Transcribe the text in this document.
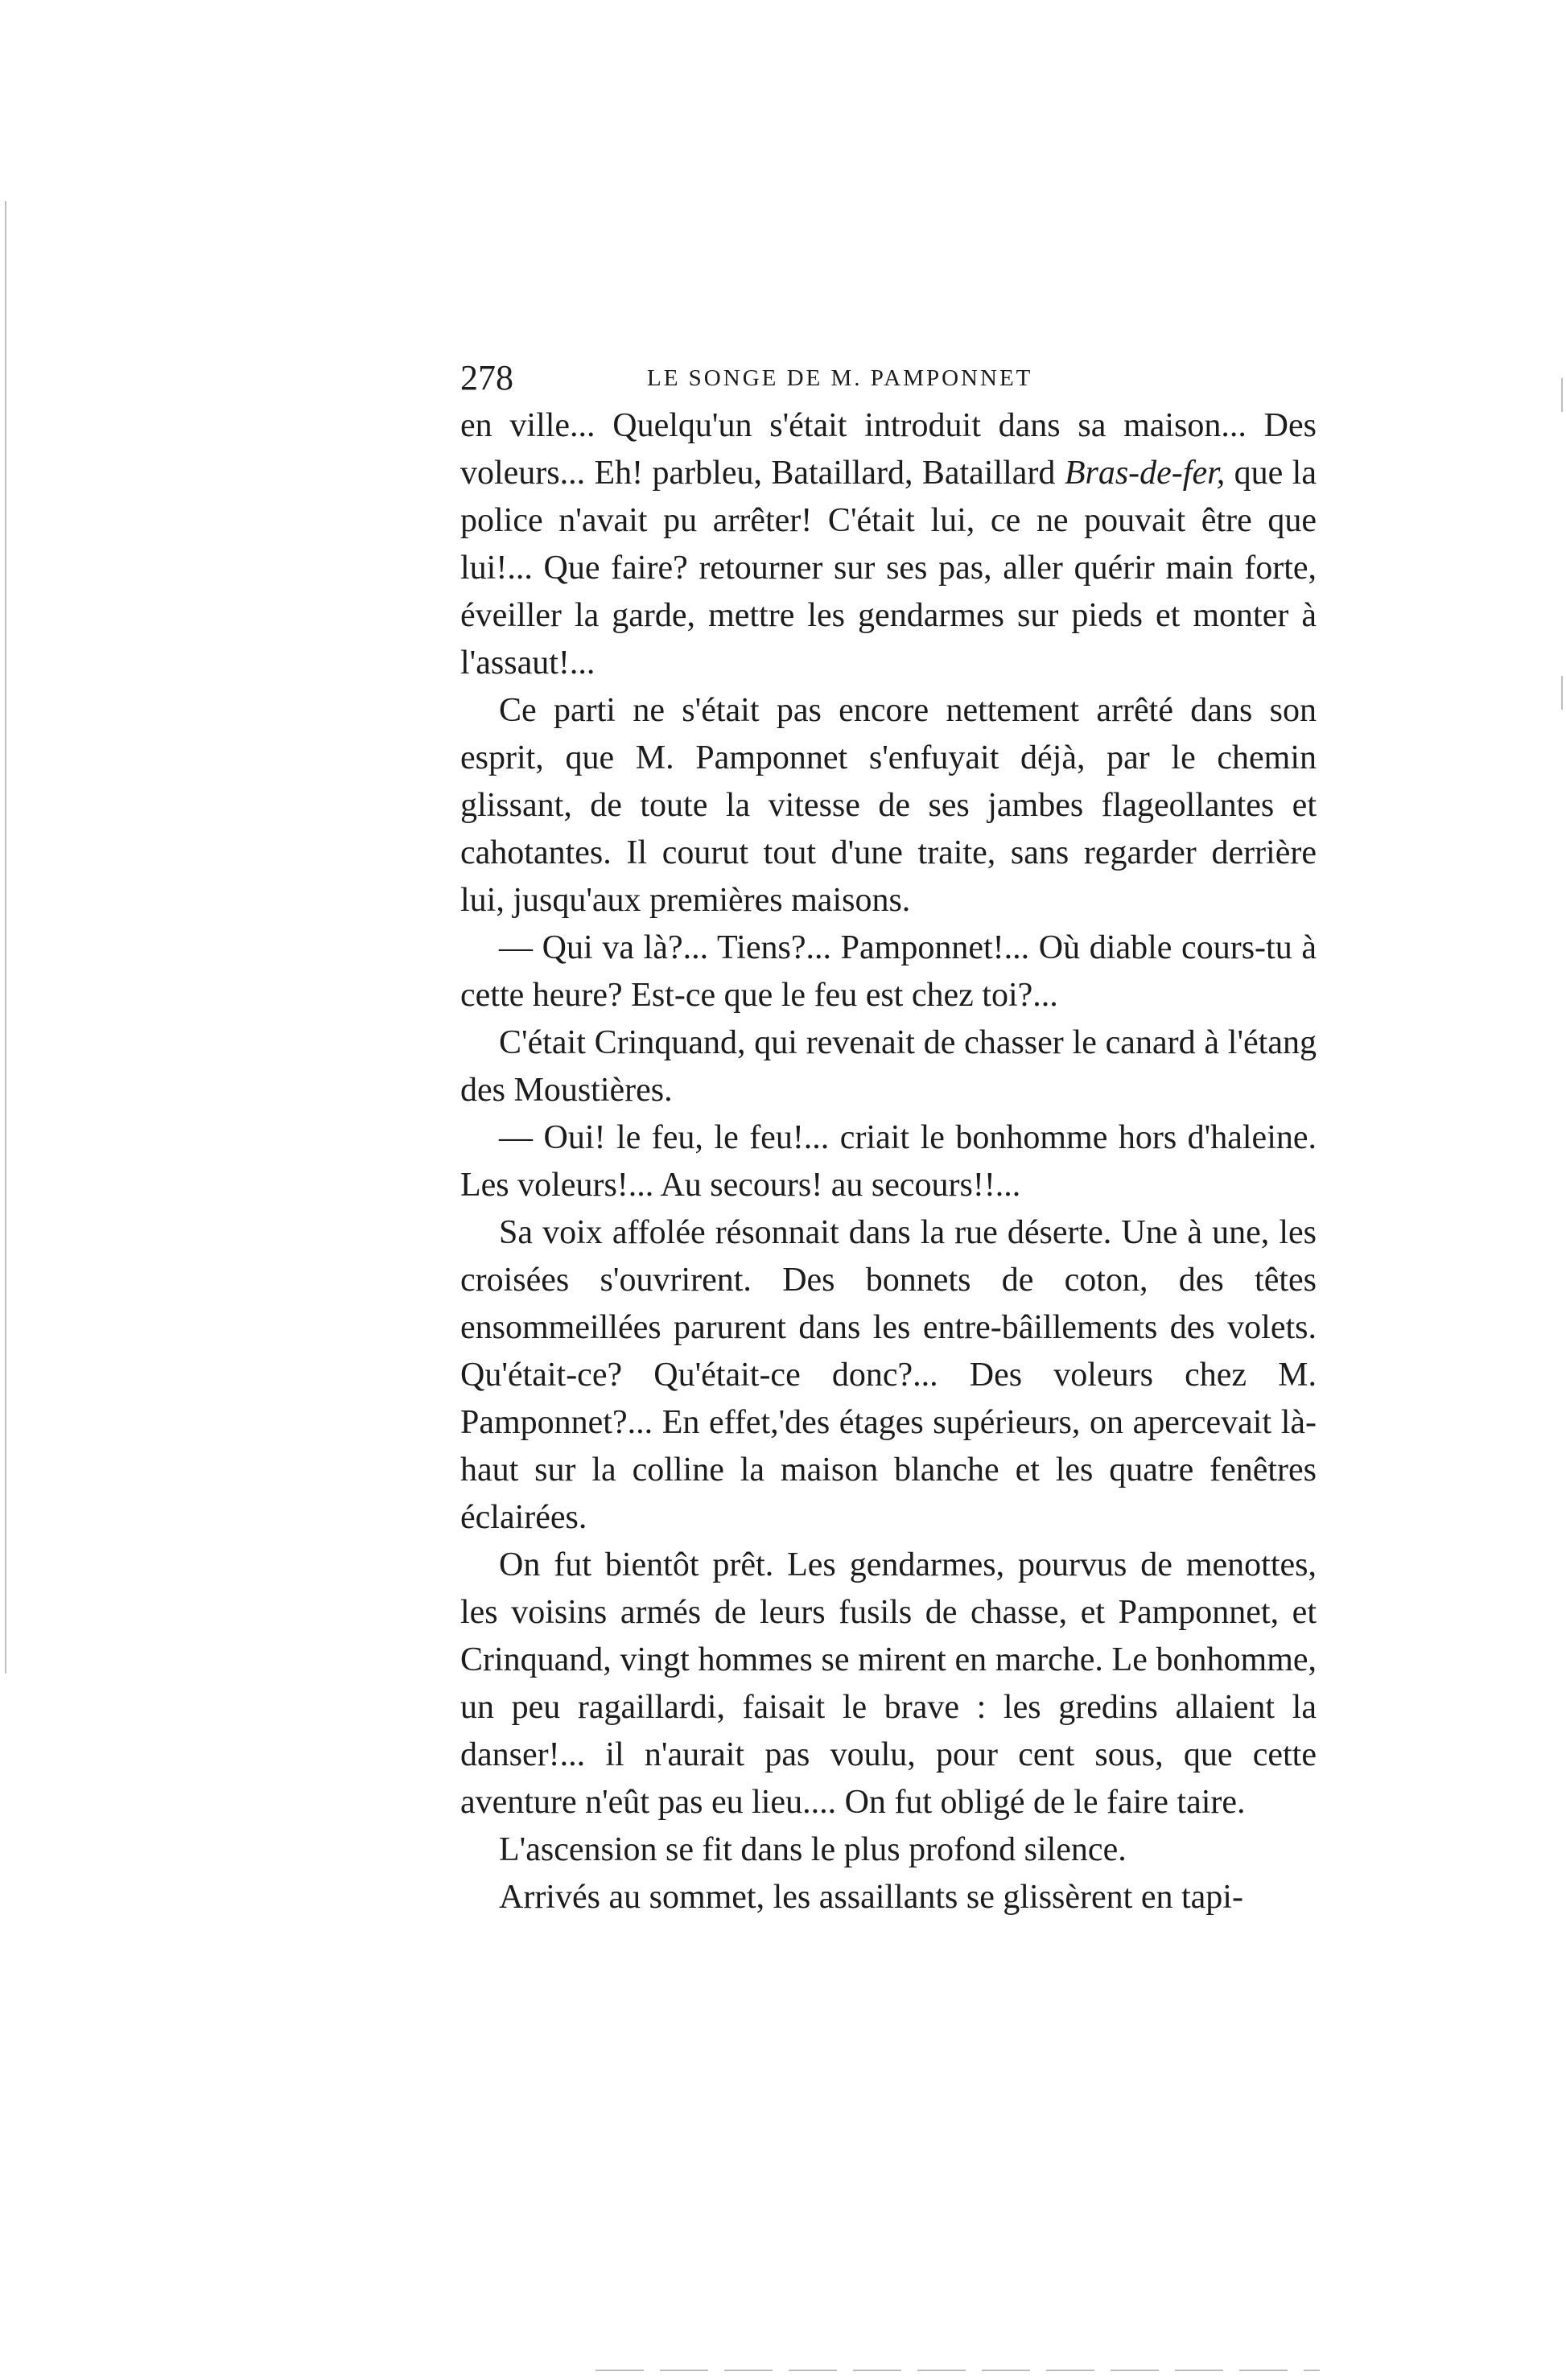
278	LE SONGE DE M. PAMPONNET

en ville... Quelqu'un s'était introduit dans sa maison... Des voleurs... Eh! parbleu, Bataillard, Bataillard Bras-de-fer, que la police n'avait pu arrêter! C'était lui, ce ne pouvait être que lui!... Que faire? retourner sur ses pas, aller quérir main forte, éveiller la garde, mettre les gendarmes sur pieds et monter à l'assaut!...

Ce parti ne s'était pas encore nettement arrêté dans son esprit, que M. Pamponnet s'enfuyait déjà, par le chemin glissant, de toute la vitesse de ses jambes flageollantes et cahotantes. Il courut tout d'une traite, sans regarder derrière lui, jusqu'aux premières maisons.

— Qui va là?... Tiens?... Pamponnet!... Où diable cours-tu à cette heure? Est-ce que le feu est chez toi?...

C'était Crinquand, qui revenait de chasser le canard à l'étang des Moustières.

— Oui! le feu, le feu!... criait le bonhomme hors d'haleine. Les voleurs!... Au secours! au secours!!...

Sa voix affolée résonnait dans la rue déserte. Une à une, les croisées s'ouvrirent. Des bonnets de coton, des têtes ensommeillées parurent dans les entre-bâillements des volets. Qu'était-ce? Qu'était-ce donc?... Des voleurs chez M. Pamponnet?... En effet,'des étages supérieurs, on apercevait là-haut sur la colline la maison blanche et les quatre fenêtres éclairées.

On fut bientôt prêt. Les gendarmes, pourvus de menottes, les voisins armés de leurs fusils de chasse, et Pamponnet, et Crinquand, vingt hommes se mirent en marche. Le bonhomme, un peu ragaillardi, faisait le brave : les gredins allaient la danser!... il n'aurait pas voulu, pour cent sous, que cette aventure n'eût pas eu lieu.... On fut obligé de le faire taire.

L'ascension se fit dans le plus profond silence.

Arrivés au sommet, les assaillants se glissèrent en tapi-
